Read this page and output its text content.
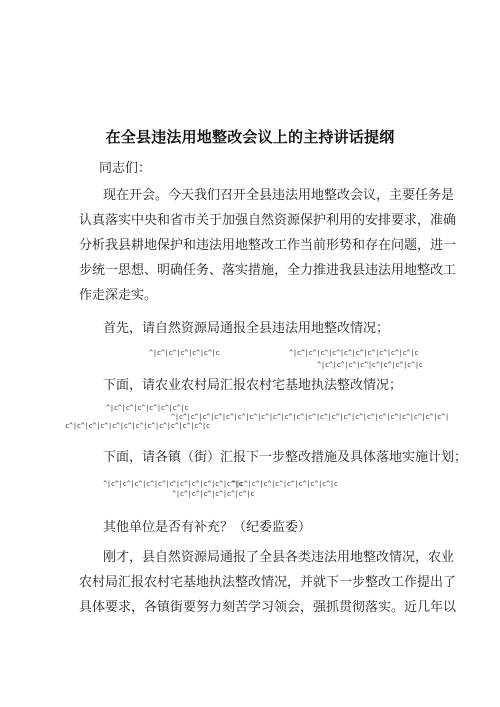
在全县违法用地整改会议上的主持讲话提纲
同志们：
现在开会。今天我们召开全县违法用地整改会议，主要任务是
认真落实中央和省市关于加强自然资源保护利用的安排要求，准确
分析我县耕地保护和违法用地整改工作当前形势和存在问题，进一
步统一思想、明确任务、落实措施，全力推进我县违法用地整改工
作走深走实。
首先，请自然资源局通报全县违法用地整改情况；
^|c^|c^|c^|c^|c^|c	^|c^|c^|c^|c^|c^|c^|c^|c^|c^|c^|c
^|c^|c^|c^|c^|c^|c^|c^|c^|c
下面，请农业农村局汇报农村宅基地执法整改情况；
^|c^|c^|c^|c^|c^|c^|c
^|c^|c^|c^|c^|c^|c^|c^|c^|c^|c^|c^|c^|c^|c^|c^|c^|c^|c^|c^|c^|c^|c^|c^|
c^|c^|c^|c^|c^|c^|c^|c^|c^|c^|c^|c^|c
下面，请各镇（街）汇报下一步整改措施及具体落地实施计划；
^|c^|c^|c^|c^|c^|c
^|c^|c^|c^|c^|c^|c
^|c^|c^|c^|c^|c^|c^|c^|c^|c
^|c^|c^|c^|c^|c^|c^|c
其他单位是否有补充？（纪委监委）
刚才，县自然资源局通报了全县各类违法用地整改情况，农业
农村局汇报农村宅基地执法整改情况，并就下一步整改工作提出了
具体要求，各镇街要努力刻苦学习领会，强抓贯彻落实。近几年以
